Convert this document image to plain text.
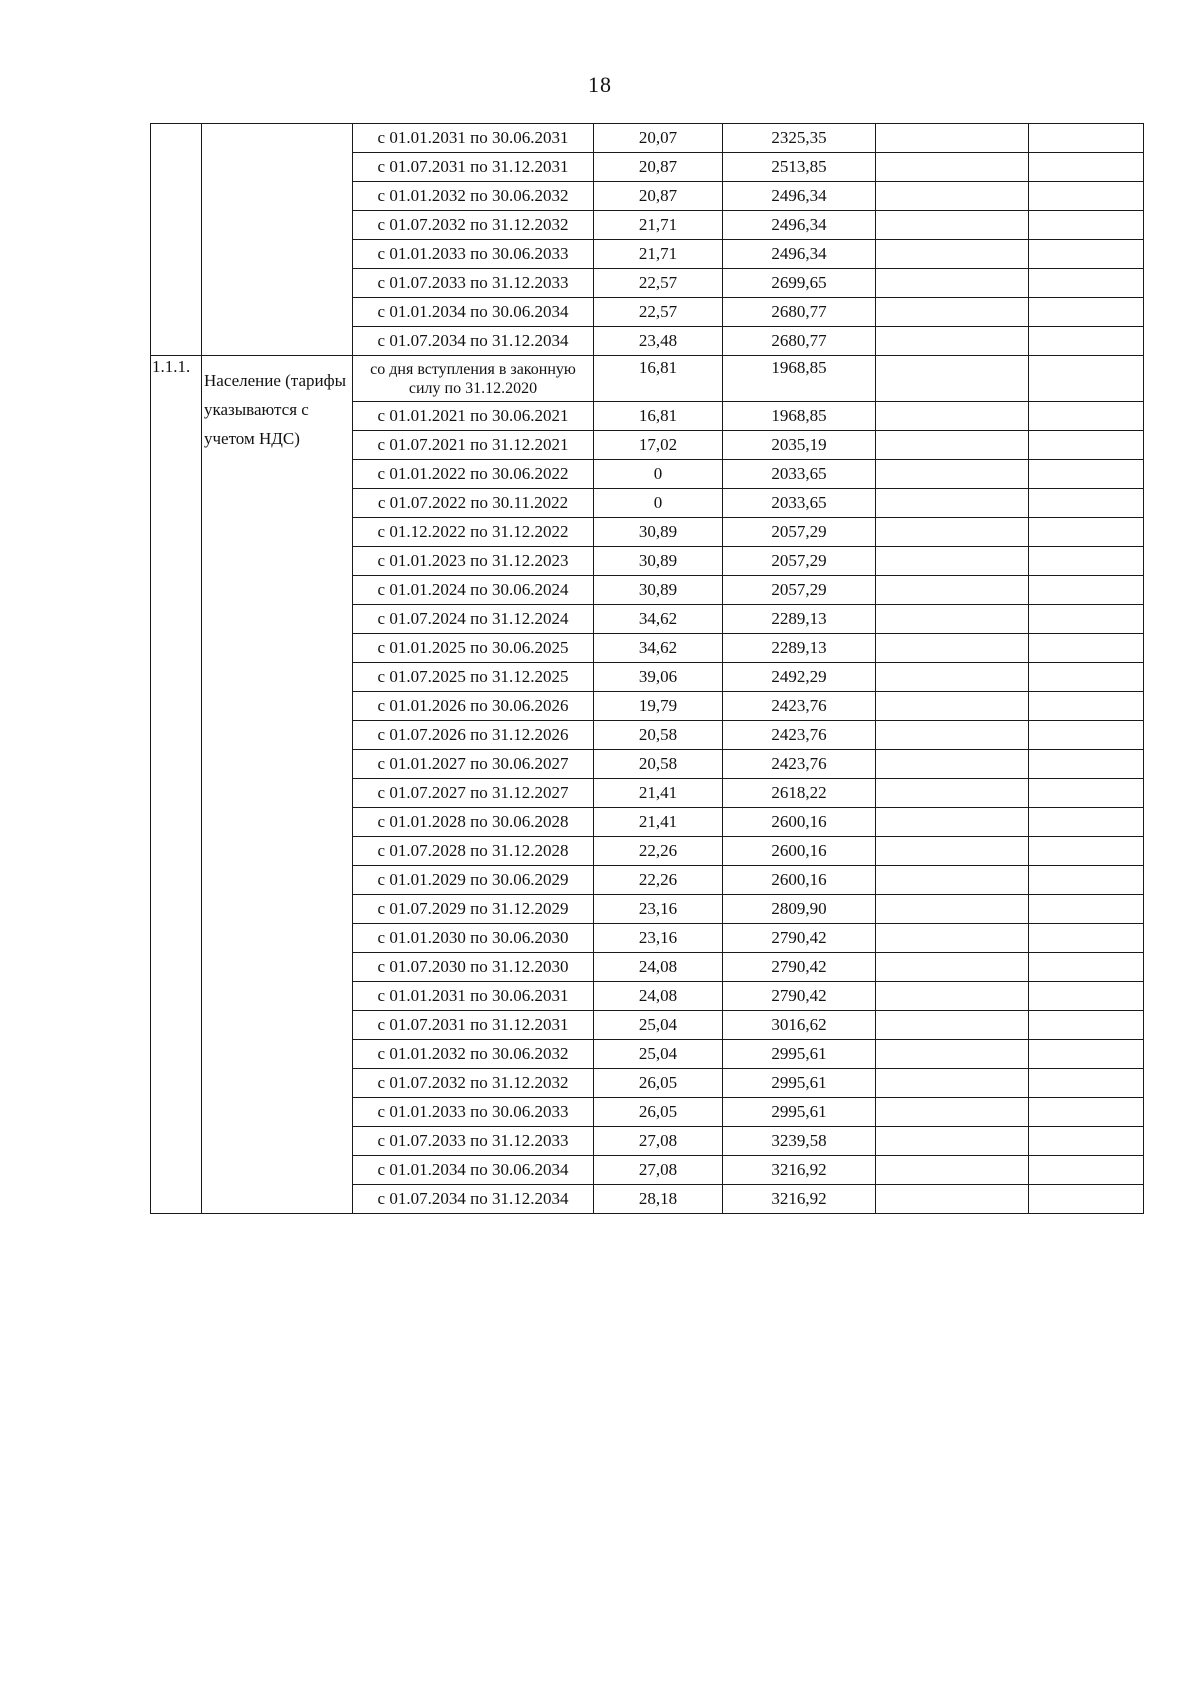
18
		с 01.01.2031 по 30.06.2031	20,07	2325,35		
		с 01.07.2031 по 31.12.2031	20,87	2513,85		
		с 01.01.2032 по 30.06.2032	20,87	2496,34		
		с 01.07.2032 по 31.12.2032	21,71	2496,34		
		с 01.01.2033 по 30.06.2033	21,71	2496,34		
		с 01.07.2033 по 31.12.2033	22,57	2699,65		
		с 01.01.2034 по 30.06.2034	22,57	2680,77		
		с 01.07.2034 по 31.12.2034	23,48	2680,77		

1.1.1.	Население (тарифы указываются с учетом НДС)	со дня вступления в законную силу по 31.12.2020	16,81	1968,85		
		с 01.01.2021 по 30.06.2021	16,81	1968,85		
		с 01.07.2021 по 31.12.2021	17,02	2035,19		
		с 01.01.2022 по 30.06.2022	0	2033,65		
		с 01.07.2022 по 30.11.2022	0	2033,65		
		с 01.12.2022 по 31.12.2022	30,89	2057,29		
		с 01.01.2023 по 31.12.2023	30,89	2057,29		
		с 01.01.2024 по 30.06.2024	30,89	2057,29		
		с 01.07.2024 по 31.12.2024	34,62	2289,13		
		с 01.01.2025 по 30.06.2025	34,62	2289,13		
		с 01.07.2025 по 31.12.2025	39,06	2492,29		
		с 01.01.2026 по 30.06.2026	19,79	2423,76		
		с 01.07.2026 по 31.12.2026	20,58	2423,76		
		с 01.01.2027 по 30.06.2027	20,58	2423,76		
		с 01.07.2027 по 31.12.2027	21,41	2618,22		
		с 01.01.2028 по 30.06.2028	21,41	2600,16		
		с 01.07.2028 по 31.12.2028	22,26	2600,16		
		с 01.01.2029 по 30.06.2029	22,26	2600,16		
		с 01.07.2029 по 31.12.2029	23,16	2809,90		
		с 01.01.2030 по 30.06.2030	23,16	2790,42		
		с 01.07.2030 по 31.12.2030	24,08	2790,42		
		с 01.01.2031 по 30.06.2031	24,08	2790,42		
		с 01.07.2031 по 31.12.2031	25,04	3016,62		
		с 01.01.2032 по 30.06.2032	25,04	2995,61		
		с 01.07.2032 по 31.12.2032	26,05	2995,61		
		с 01.01.2033 по 30.06.2033	26,05	2995,61		
		с 01.07.2033 по 31.12.2033	27,08	3239,58		
		с 01.01.2034 по 30.06.2034	27,08	3216,92		
		с 01.07.2034 по 31.12.2034	28,18	3216,92		
